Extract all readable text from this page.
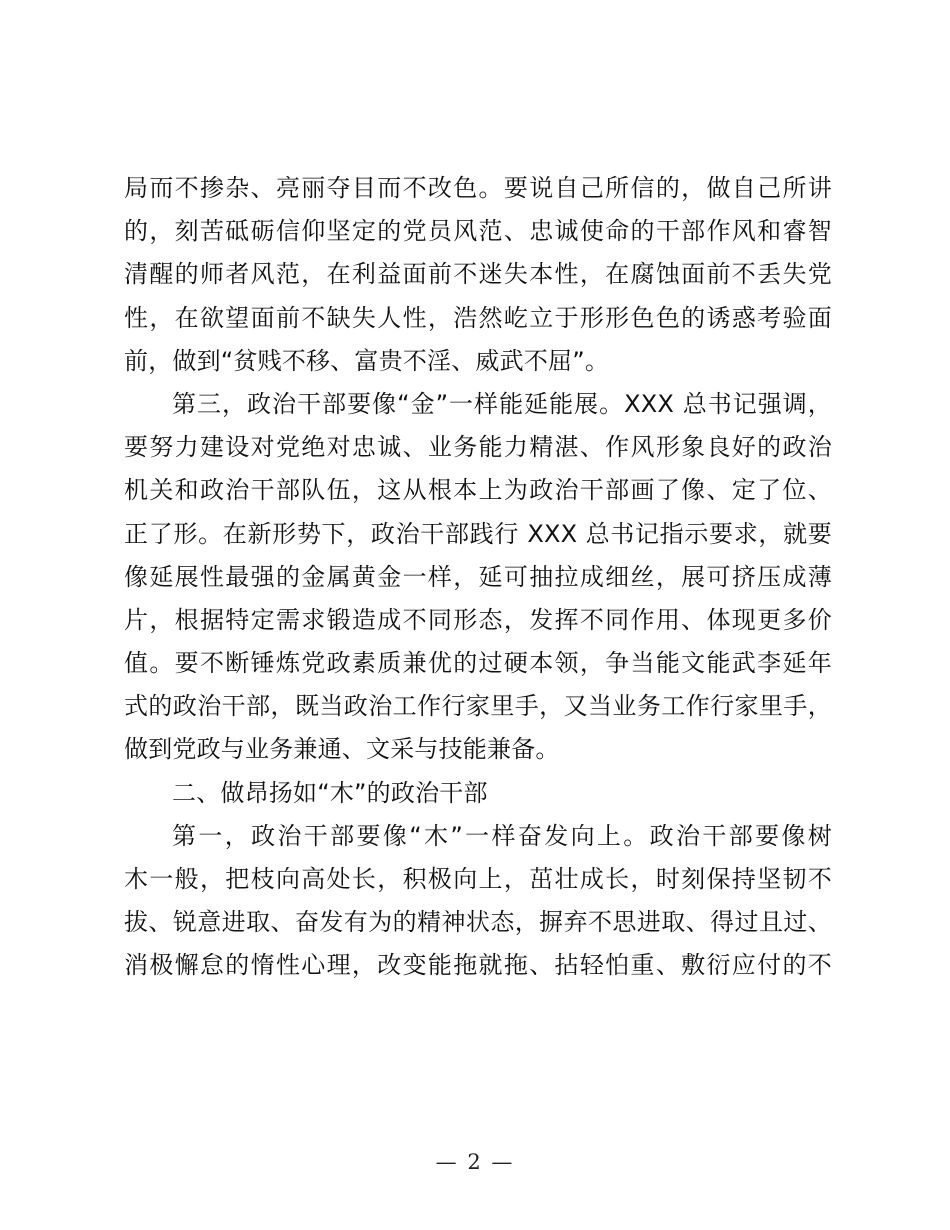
局而不掺杂、亮丽夺目而不改色。要说自己所信的，做自己所讲
的，刻苦砥砺信仰坚定的党员风范、忠诚使命的干部作风和睿智
清醒的师者风范，在利益面前不迷失本性，在腐蚀面前不丢失党
性，在欲望面前不缺失人性，浩然屹立于形形色色的诱惑考验面
前，做到“贫贱不移、富贵不淫、威武不屈”。
第三，政治干部要像“金”一样能延能展。XXX 总书记强调，
要努力建设对党绝对忠诚、业务能力精湛、作风形象良好的政治
机关和政治干部队伍，这从根本上为政治干部画了像、定了位、
正了形。在新形势下，政治干部践行 XXX 总书记指示要求，就要
像延展性最强的金属黄金一样，延可抽拉成细丝，展可挤压成薄
片，根据特定需求锻造成不同形态，发挥不同作用、体现更多价
值。要不断锤炼党政素质兼优的过硬本领，争当能文能武李延年
式的政治干部，既当政治工作行家里手，又当业务工作行家里手，
做到党政与业务兼通、文采与技能兼备。
二、做昂扬如“木”的政治干部
第一，政治干部要像“木”一样奋发向上。政治干部要像树
木一般，把枝向高处长，积极向上，茁壮成长，时刻保持坚韧不
拔、锐意进取、奋发有为的精神状态，摒弃不思进取、得过且过、
消极懈怠的惰性心理，改变能拖就拖、拈轻怕重、敷衍应付的不
— 2 —
